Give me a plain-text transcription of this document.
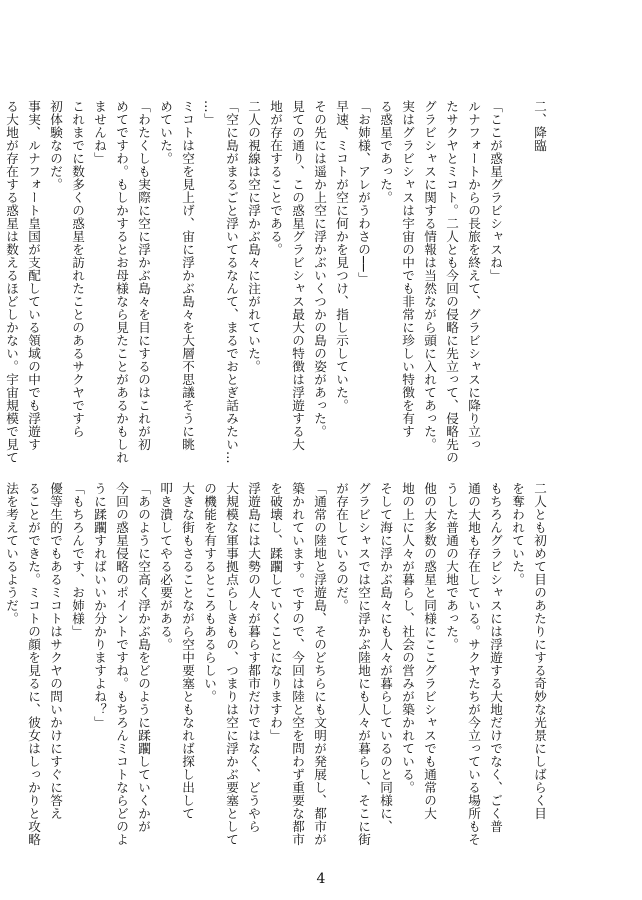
二、降臨

「ここが惑星グラビシャスね」

ルナフォートからの長旅を終えて、グラビシャスに降り立っ

たサクヤとミコト。二人とも今回の侵略に先立って、侵略先の

グラビシャスに関する情報は当然ながら頭に入れてあった。

実はグラビシャスは宇宙の中でも非常に珍しい特徴を有す

る惑星であった。

「お姉様、アレがうわさの──」

早速、ミコトが空に何かを見つけ、指し示していた。

その先には遥か上空に浮かぶいくつかの島の姿があった。

見ての通り、この惑星グラビシャス最大の特徴は浮遊する大

地が存在することである。

二人の視線は空に浮かぶ島々に注がれていた。

「空に島がまるごと浮いてるなんて、まるでおとぎ話みたい…

…」

ミコトは空を見上げ、宙に浮かぶ島々を大層不思議そうに眺

めていた。

「わたくしも実際に空に浮かぶ島々を目にするのはこれが初

めてですわ。もしかするとお母様なら見たことがあるかもしれ

ませんね」

これまでに数多くの惑星を訪れたことのあるサクヤですら

初体験なのだ。

事実、ルナフォート皇国が支配している領域の中でも浮遊す

る大地が存在する惑星は数えるほどしかない。宇宙規模で見て

二人とも初めて目のあたりにする奇妙な光景にしばらく目

を奪われていた。

もちろんグラビシャスには浮遊する大地だけでなく、ごく普

通の大地も存在している。サクヤたちが今立っている場所もそ

うした普通の大地であった。

他の大多数の惑星と同様にここグラビシャスでも通常の大

地の上に人々が暮らし、社会の営みが築かれている。

そして海に浮かぶ島々にも人々が暮らしているのと同様に、

グラビシャスでは空に浮かぶ陸地にも人々が暮らし、そこに街

が存在しているのだ。

「通常の陸地と浮遊島、そのどちらにも文明が発展し、都市が

築かれています。ですので、今回は陸と空を問わず重要な都市

を破壊し、蹂躙していくことになりますわ」

浮遊島には大勢の人々が暮らす都市だけではなく、どうやら

大規模な軍事拠点らしきもの、つまりは空に浮かぶ要塞として

の機能を有するところもあるらしい。

大きな街もさることながら空中要塞ともなれば探し出して

叩き潰してやる必要がある。

「あのように空高く浮かぶ島をどのように蹂躙していくかが

今回の惑星侵略のポイントですね。もちろんミコトならどのよ

うに蹂躙すればいいか分かりますよね？」

「もちろんです、お姉様」

優等生的でもあるミコトはサクヤの問いかけにすぐに答え

ることができた。ミコトの顔を見るに、彼女はしっかりと攻略

法を考えているようだ。

4
